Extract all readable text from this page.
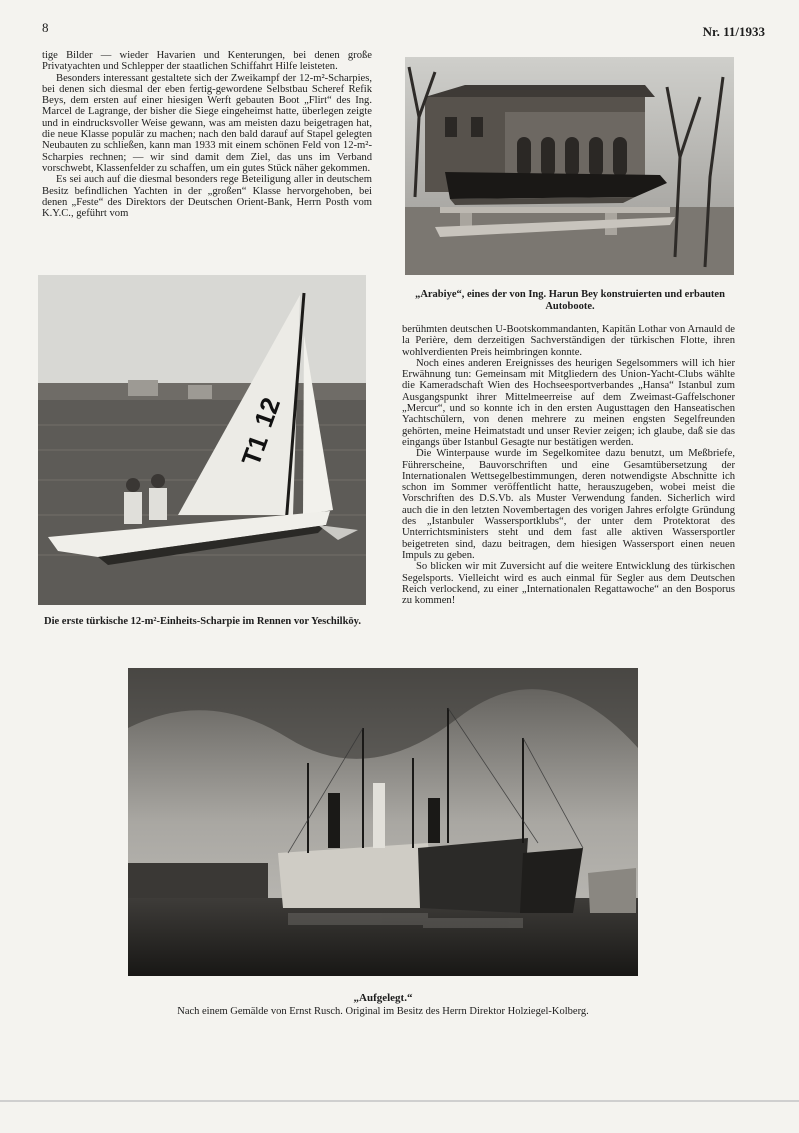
8	Nr. 11/1933

tige Bilder — wieder Havarien und Kenterungen, bei denen große Privatyachten und Schlepper der staatlichen Schiffahrt Hilfe leisteten.

Besonders interessant gestaltete sich der Zweikampf der 12-m²-Scharpies, bei denen sich diesmal der eben fertig-gewordene Selbstbau Scheref Refik Beys, dem ersten auf einer hiesigen Werft gebauten Boot „Flirt“ des Ing. Marcel de Lagrange, der bisher die Siege eingeheimst hatte, überlegen zeigte und in eindrucksvoller Weise gewann, was am meisten dazu beigetragen hat, die neue Klasse populär zu machen; nach den bald darauf auf Stapel gelegten Neubauten zu schließen, kann man 1933 mit einem schönen Feld von 12-m²-Scharpies rechnen; — wir sind damit dem Ziel, das uns im Verband vorschwebt, Klassenfelder zu schaffen, um ein gutes Stück näher gekommen.

Es sei auch auf die diesmal besonders rege Beteiligung aller in deutschem Besitz befindlichen Yachten in der „großen“ Klasse hervorgehoben, bei denen „Feste“ des Direktors der Deutschen Orient-Bank, Herrn Posth vom K.Y.C., geführt vom

„Arabiye“, eines der von Ing. Harun Bey konstruierten und erbauten Autoboote.
12
T1
Die erste türkische 12-m²-Einheits-Scharpie im Rennen vor Yeschilköy.

berühmten deutschen U-Bootskommandanten, Kapitän Lothar von Arnauld de la Perière, dem derzeitigen Sachverständigen der türkischen Flotte, ihren wohlverdienten Preis heimbringen konnte.

Noch eines anderen Ereignisses des heurigen Segelsommers will ich hier Erwähnung tun: Gemeinsam mit Mitgliedern des Union-Yacht-Clubs wählte die Kameradschaft Wien des Hochseesportverbandes „Hansa“ Istanbul zum Ausgangspunkt ihrer Mittelmeerreise auf dem Zweimast-Gaffelschoner „Mercur“, und so konnte ich in den ersten Augusttagen den Hanseatischen Yachtschülern, von denen mehrere zu meinen engsten Segelfreunden gehörten, meine Heimatstadt und unser Revier zeigen; ich glaube, daß sie das eingangs über Istanbul Gesagte nur bestätigen werden.

Die Winterpause wurde im Segelkomitee dazu benutzt, um Meßbriefe, Führerscheine, Bauvorschriften und eine Gesamtübersetzung der Internationalen Wettsegelbestimmungen, deren notwendigste Abschnitte ich schon im Sommer veröffentlicht hatte, herauszugeben, wobei meist die Vorschriften des D.S.Vb. als Muster Verwendung fanden. Sicherlich wird auch die in den letzten Novembertagen des vorigen Jahres erfolgte Gründung des „Istanbuler Wassersportklubs“, der unter dem Protektorat des Unterrichtsministers steht und dem fast alle aktiven Wassersportler beigetreten sind, dazu beitragen, dem hiesigen Wassersport einen neuen Impuls zu geben.

So blicken wir mit Zuversicht auf die weitere Entwicklung des türkischen Segelsports. Vielleicht wird es auch einmal für Segler aus dem Deutschen Reich verlockend, zu einer „Internationalen Regattawoche“ an den Bosporus zu kommen!

„Aufgelegt.“
Nach einem Gemälde von Ernst Rusch. Original im Besitz des Herrn Direktor Holziegel-Kolberg.
